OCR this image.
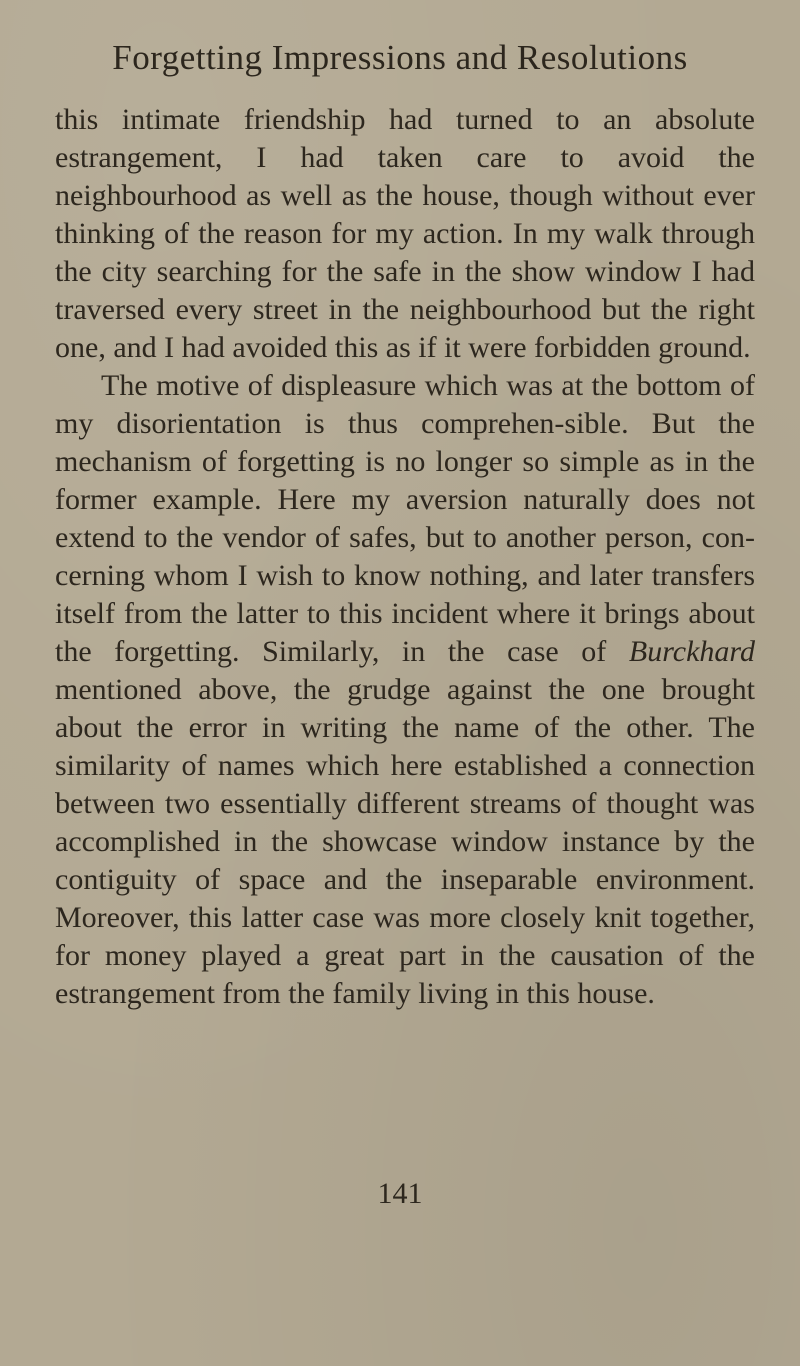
Forgetting Impressions and Resolutions

this intimate friendship had turned to an absolute estrangement, I had taken care to avoid the neighbourhood as well as the house, though without ever thinking of the reason for my action. In my walk through the city searching for the safe in the show window I had traversed every street in the neighbourhood but the right one, and I had avoided this as if it were forbidden ground.

The motive of displeasure which was at the bottom of my disorientation is thus comprehen-sible. But the mechanism of forgetting is no longer so simple as in the former example. Here my aversion naturally does not extend to the vendor of safes, but to another person, con-cerning whom I wish to know nothing, and later transfers itself from the latter to this incident where it brings about the forgetting. Similarly, in the case of Burckhard mentioned above, the grudge against the one brought about the error in writing the name of the other. The similarity of names which here established a connection between two essentially different streams of thought was accomplished in the showcase window instance by the contiguity of space and the inseparable environment. Moreover, this latter case was more closely knit together, for money played a great part in the causation of the estrangement from the family living in this house.

141
